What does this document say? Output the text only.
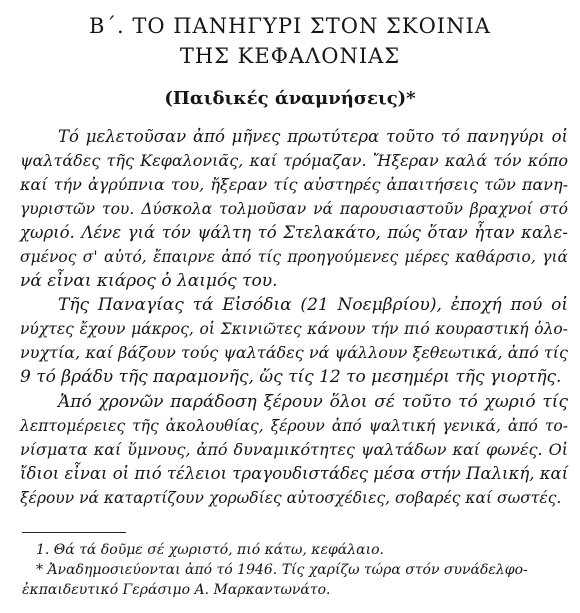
Β΄. ΤΟ ΠΑΝΗΓΥΡΙ ΣΤΟΝ ΣΚΟΙΝΙΑ
ΤΗΣ ΚΕΦΑΛΟΝΙΑΣ
(Παιδικές άναμνήσεις)*
Τό μελετοῦσαν ἀπό μῆνες πρωτύτερα τοῦτο τό πανηγύρι οἱ
ψαλτάδες τῆς Κεφαλονιᾶς, καί τρόμαζαν. Ἤξεραν καλά τόν κόπο
καί τήν ἀγρύπνια του, ἤξεραν τίς αὐστηρές ἀπαιτήσεις τῶν πανη-
γυριστῶν του. Δύσκολα τολμοῦσαν νά παρουσιαστοῦν βραχνοί στό
χωριό. Λένε γιά τόν ψάλτη τό Στελακάτο, πώς ὅταν ἦταν καλε-
σμένος σ' αὐτό, ἔπαιρνε ἀπό τίς προηγούμενες μέρες καθάρσιο, γιά
νά εἶναι κιάρος ὁ λαιμός του.
Τῆς Παναγίας τά Εἰσόδια (21 Νοεμβρίου), ἐποχή πού οἱ
νύχτες ἔχουν μάκρος, οἱ Σκινιῶτες κάνουν τήν πιό κουραστική ὁλο-
νυχτία, καί βάζουν τούς ψαλτάδες νά ψάλλουν ξεθεωτικά, ἀπό τίς
9 τό βράδυ τῆς παραμονῆς, ὥς τίς 12 το μεσημέρι τῆς γιορτῆς.
Ἀπό χρονῶν παράδοση ξέρουν ὅλοι σέ τοῦτο τό χωριό τίς
λεπτομέρειες τῆς ἀκολουθίας, ξέρουν ἀπό ψαλτική γενικά, ἀπό το-
νίσματα καί ὕμνους, ἀπό δυναμικότητες ψαλτάδων καί φωνές. Οἱ
ἴδιοι εἶναι οἱ πιό τέλειοι τραγουδιστάδες μέσα στήν Παλική, καί
ξέρουν νά καταρτίζουν χορωδίες αὐτοσχέδιες, σοβαρές καί σωστές.
1. Θά τά δοῦμε σέ χωριστό, πιό κάτω, κεφάλαιο.
* Ἀναδημοσιεύονται ἀπό τό 1946. Τίς χαρίζω τώρα στόν συνάδελφο-
ἐκπαιδευτικό Γεράσιμο Α. Μαρκαντωνάτο.
